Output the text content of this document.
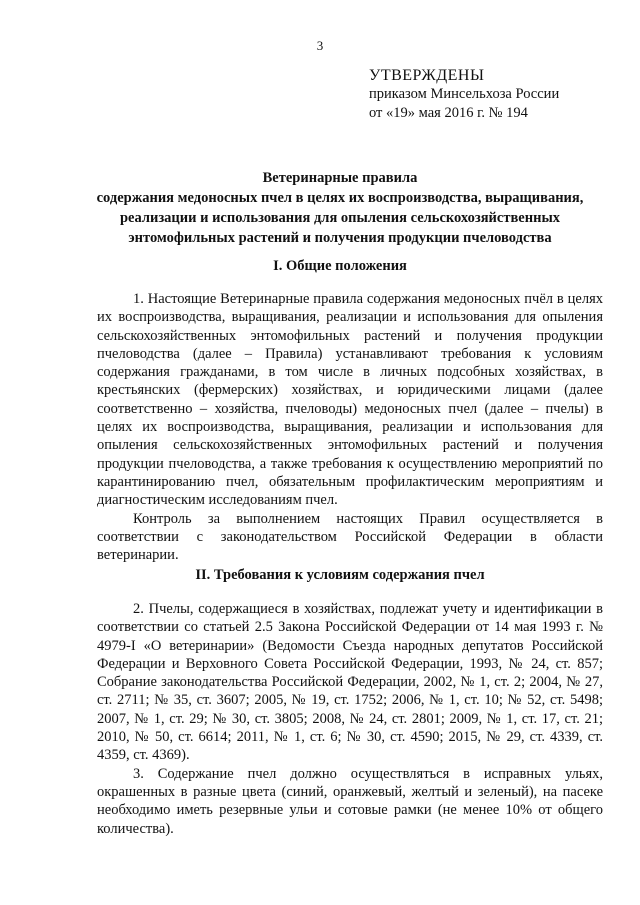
3
УТВЕРЖДЕНЫ
приказом Минсельхоза России
от «19» мая 2016 г. № 194
Ветеринарные правила
содержания медоносных пчел в целях их воспроизводства, выращивания,
реализации и использования для опыления сельскохозяйственных
энтомофильных растений и получения продукции пчеловодства
I. Общие положения

1. Настоящие Ветеринарные правила содержания медоносных пчёл в целях их воспроизводства, выращивания, реализации и использования для опыления сельскохозяйственных энтомофильных растений и получения продукции пчеловодства (далее – Правила) устанавливают требования к условиям содержания гражданами, в том числе в личных подсобных хозяйствах, в крестьянских (фермерских) хозяйствах, и юридическими лицами (далее соответственно – хозяйства, пчеловоды) медоносных пчел (далее – пчелы) в целях их воспроизводства, выращивания, реализации и использования для опыления сельскохозяйственных энтомофильных растений и получения продукции пчеловодства, а также требования к осуществлению мероприятий по карантинированию пчел, обязательным профилактическим мероприятиям и диагностическим исследованиям пчел.

Контроль за выполнением настоящих Правил осуществляется в соответствии с законодательством Российской Федерации в области ветеринарии.

II. Требования к условиям содержания пчел

2. Пчелы, содержащиеся в хозяйствах, подлежат учету и идентификации в соответствии со статьей 2.5 Закона Российской Федерации от 14 мая 1993 г. № 4979-I «О ветеринарии» (Ведомости Съезда народных депутатов Российской Федерации и Верховного Совета Российской Федерации, 1993, № 24, ст. 857; Собрание законодательства Российской Федерации, 2002, № 1, ст. 2; 2004, № 27, ст. 2711; № 35, ст. 3607; 2005, № 19, ст. 1752; 2006, № 1, ст. 10; № 52, ст. 5498; 2007, № 1, ст. 29; № 30, ст. 3805; 2008, № 24, ст. 2801; 2009, № 1, ст. 17, ст. 21; 2010, № 50, ст. 6614; 2011, № 1, ст. 6; № 30, ст. 4590; 2015, № 29, ст. 4339, ст. 4359, ст. 4369).

3. Содержание пчел должно осуществляться в исправных ульях, окрашенных в разные цвета (синий, оранжевый, желтый и зеленый), на пасеке необходимо иметь резервные ульи и сотовые рамки (не менее 10% от общего количества).
